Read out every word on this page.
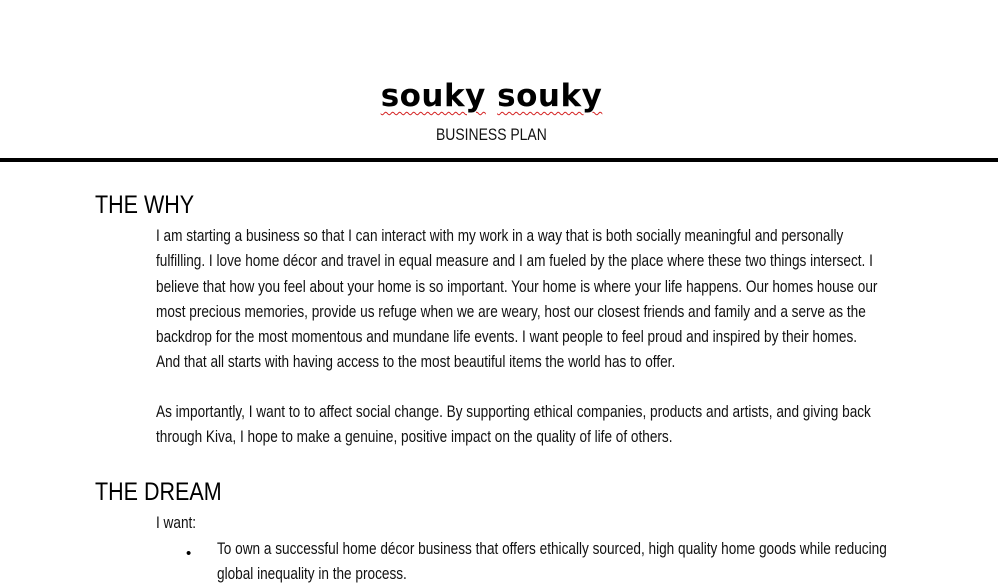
souky souky
BUSINESS PLAN
THE WHY
I am starting a business so that I can interact with my work in a way that is both socially meaningful and personally
fulfilling. I love home décor and travel in equal measure and I am fueled by the place where these two things intersect. I
believe that how you feel about your home is so important. Your home is where your life happens. Our homes house our
most precious memories, provide us refuge when we are weary, host our closest friends and family and a serve as the
backdrop for the most momentous and mundane life events. I want people to feel proud and inspired by their homes.
And that all starts with having access to the most beautiful items the world has to offer.
As importantly, I want to to affect social change. By supporting ethical companies, products and artists, and giving back
through Kiva, I hope to make a genuine, positive impact on the quality of life of others.
THE DREAM
I want:
• To own a successful home décor business that offers ethically sourced, high quality home goods while reducing
global inequality in the process.
